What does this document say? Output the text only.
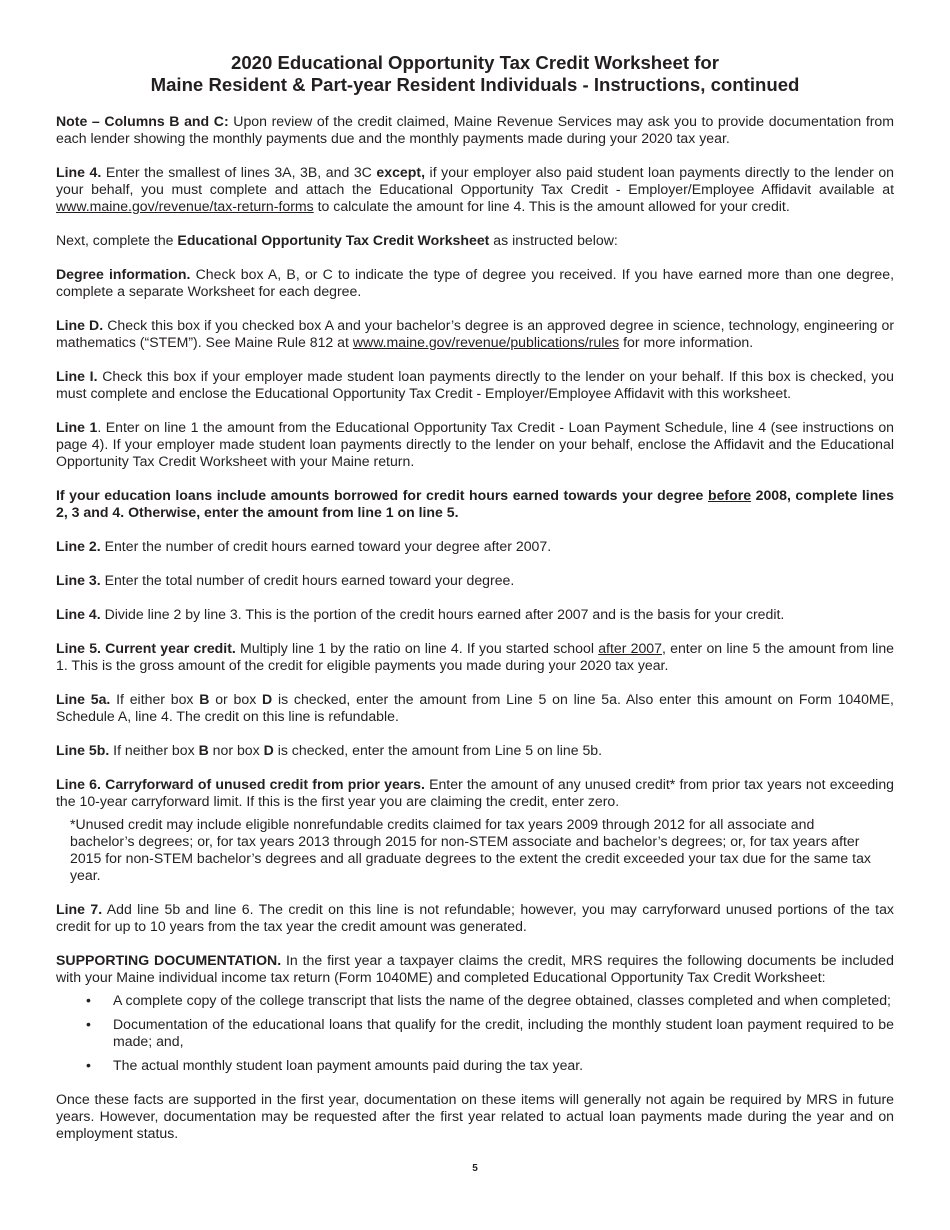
2020 Educational Opportunity Tax Credit Worksheet for
Maine Resident & Part-year Resident Individuals - Instructions, continued

Note – Columns B and C: Upon review of the credit claimed, Maine Revenue Services may ask you to provide documentation from each lender showing the monthly payments due and the monthly payments made during your 2020 tax year.

Line 4. Enter the smallest of lines 3A, 3B, and 3C except, if your employer also paid student loan payments directly to the lender on your behalf, you must complete and attach the Educational Opportunity Tax Credit - Employer/Employee Affidavit available at www.maine.gov/revenue/tax-return-forms to calculate the amount for line 4. This is the amount allowed for your credit.

Next, complete the Educational Opportunity Tax Credit Worksheet as instructed below:

Degree information. Check box A, B, or C to indicate the type of degree you received. If you have earned more than one degree, complete a separate Worksheet for each degree.

Line D. Check this box if you checked box A and your bachelor’s degree is an approved degree in science, technology, engineering or mathematics (“STEM”). See Maine Rule 812 at www.maine.gov/revenue/publications/rules for more information.

Line I. Check this box if your employer made student loan payments directly to the lender on your behalf. If this box is checked, you must complete and enclose the Educational Opportunity Tax Credit - Employer/Employee Affidavit with this worksheet.

Line 1. Enter on line 1 the amount from the Educational Opportunity Tax Credit - Loan Payment Schedule, line 4 (see instructions on page 4). If your employer made student loan payments directly to the lender on your behalf, enclose the Affidavit and the Educational Opportunity Tax Credit Worksheet with your Maine return.

If your education loans include amounts borrowed for credit hours earned towards your degree before 2008, complete lines 2, 3 and 4. Otherwise, enter the amount from line 1 on line 5.

Line 2. Enter the number of credit hours earned toward your degree after 2007.

Line 3. Enter the total number of credit hours earned toward your degree.

Line 4. Divide line 2 by line 3. This is the portion of the credit hours earned after 2007 and is the basis for your credit.

Line 5. Current year credit. Multiply line 1 by the ratio on line 4. If you started school after 2007, enter on line 5 the amount from line 1. This is the gross amount of the credit for eligible payments you made during your 2020 tax year.

Line 5a. If either box B or box D is checked, enter the amount from Line 5 on line 5a. Also enter this amount on Form 1040ME, Schedule A, line 4. The credit on this line is refundable.

Line 5b. If neither box B nor box D is checked, enter the amount from Line 5 on line 5b.

Line 6. Carryforward of unused credit from prior years. Enter the amount of any unused credit* from prior tax years not exceeding the 10-year carryforward limit. If this is the first year you are claiming the credit, enter zero.

*Unused credit may include eligible nonrefundable credits claimed for tax years 2009 through 2012 for all associate and bachelor’s degrees; or, for tax years 2013 through 2015 for non-STEM associate and bachelor’s degrees; or, for tax years after 2015 for non-STEM bachelor’s degrees and all graduate degrees to the extent the credit exceeded your tax due for the same tax year.

Line 7. Add line 5b and line 6. The credit on this line is not refundable; however, you may carryforward unused portions of the tax credit for up to 10 years from the tax year the credit amount was generated.

SUPPORTING DOCUMENTATION. In the first year a taxpayer claims the credit, MRS requires the following documents be included with your Maine individual income tax return (Form 1040ME) and completed Educational Opportunity Tax Credit Worksheet:

• A complete copy of the college transcript that lists the name of the degree obtained, classes completed and when completed;
• Documentation of the educational loans that qualify for the credit, including the monthly student loan payment required to be made; and,
• The actual monthly student loan payment amounts paid during the tax year.

Once these facts are supported in the first year, documentation on these items will generally not again be required by MRS in future years. However, documentation may be requested after the first year related to actual loan payments made during the year and on employment status.

5
